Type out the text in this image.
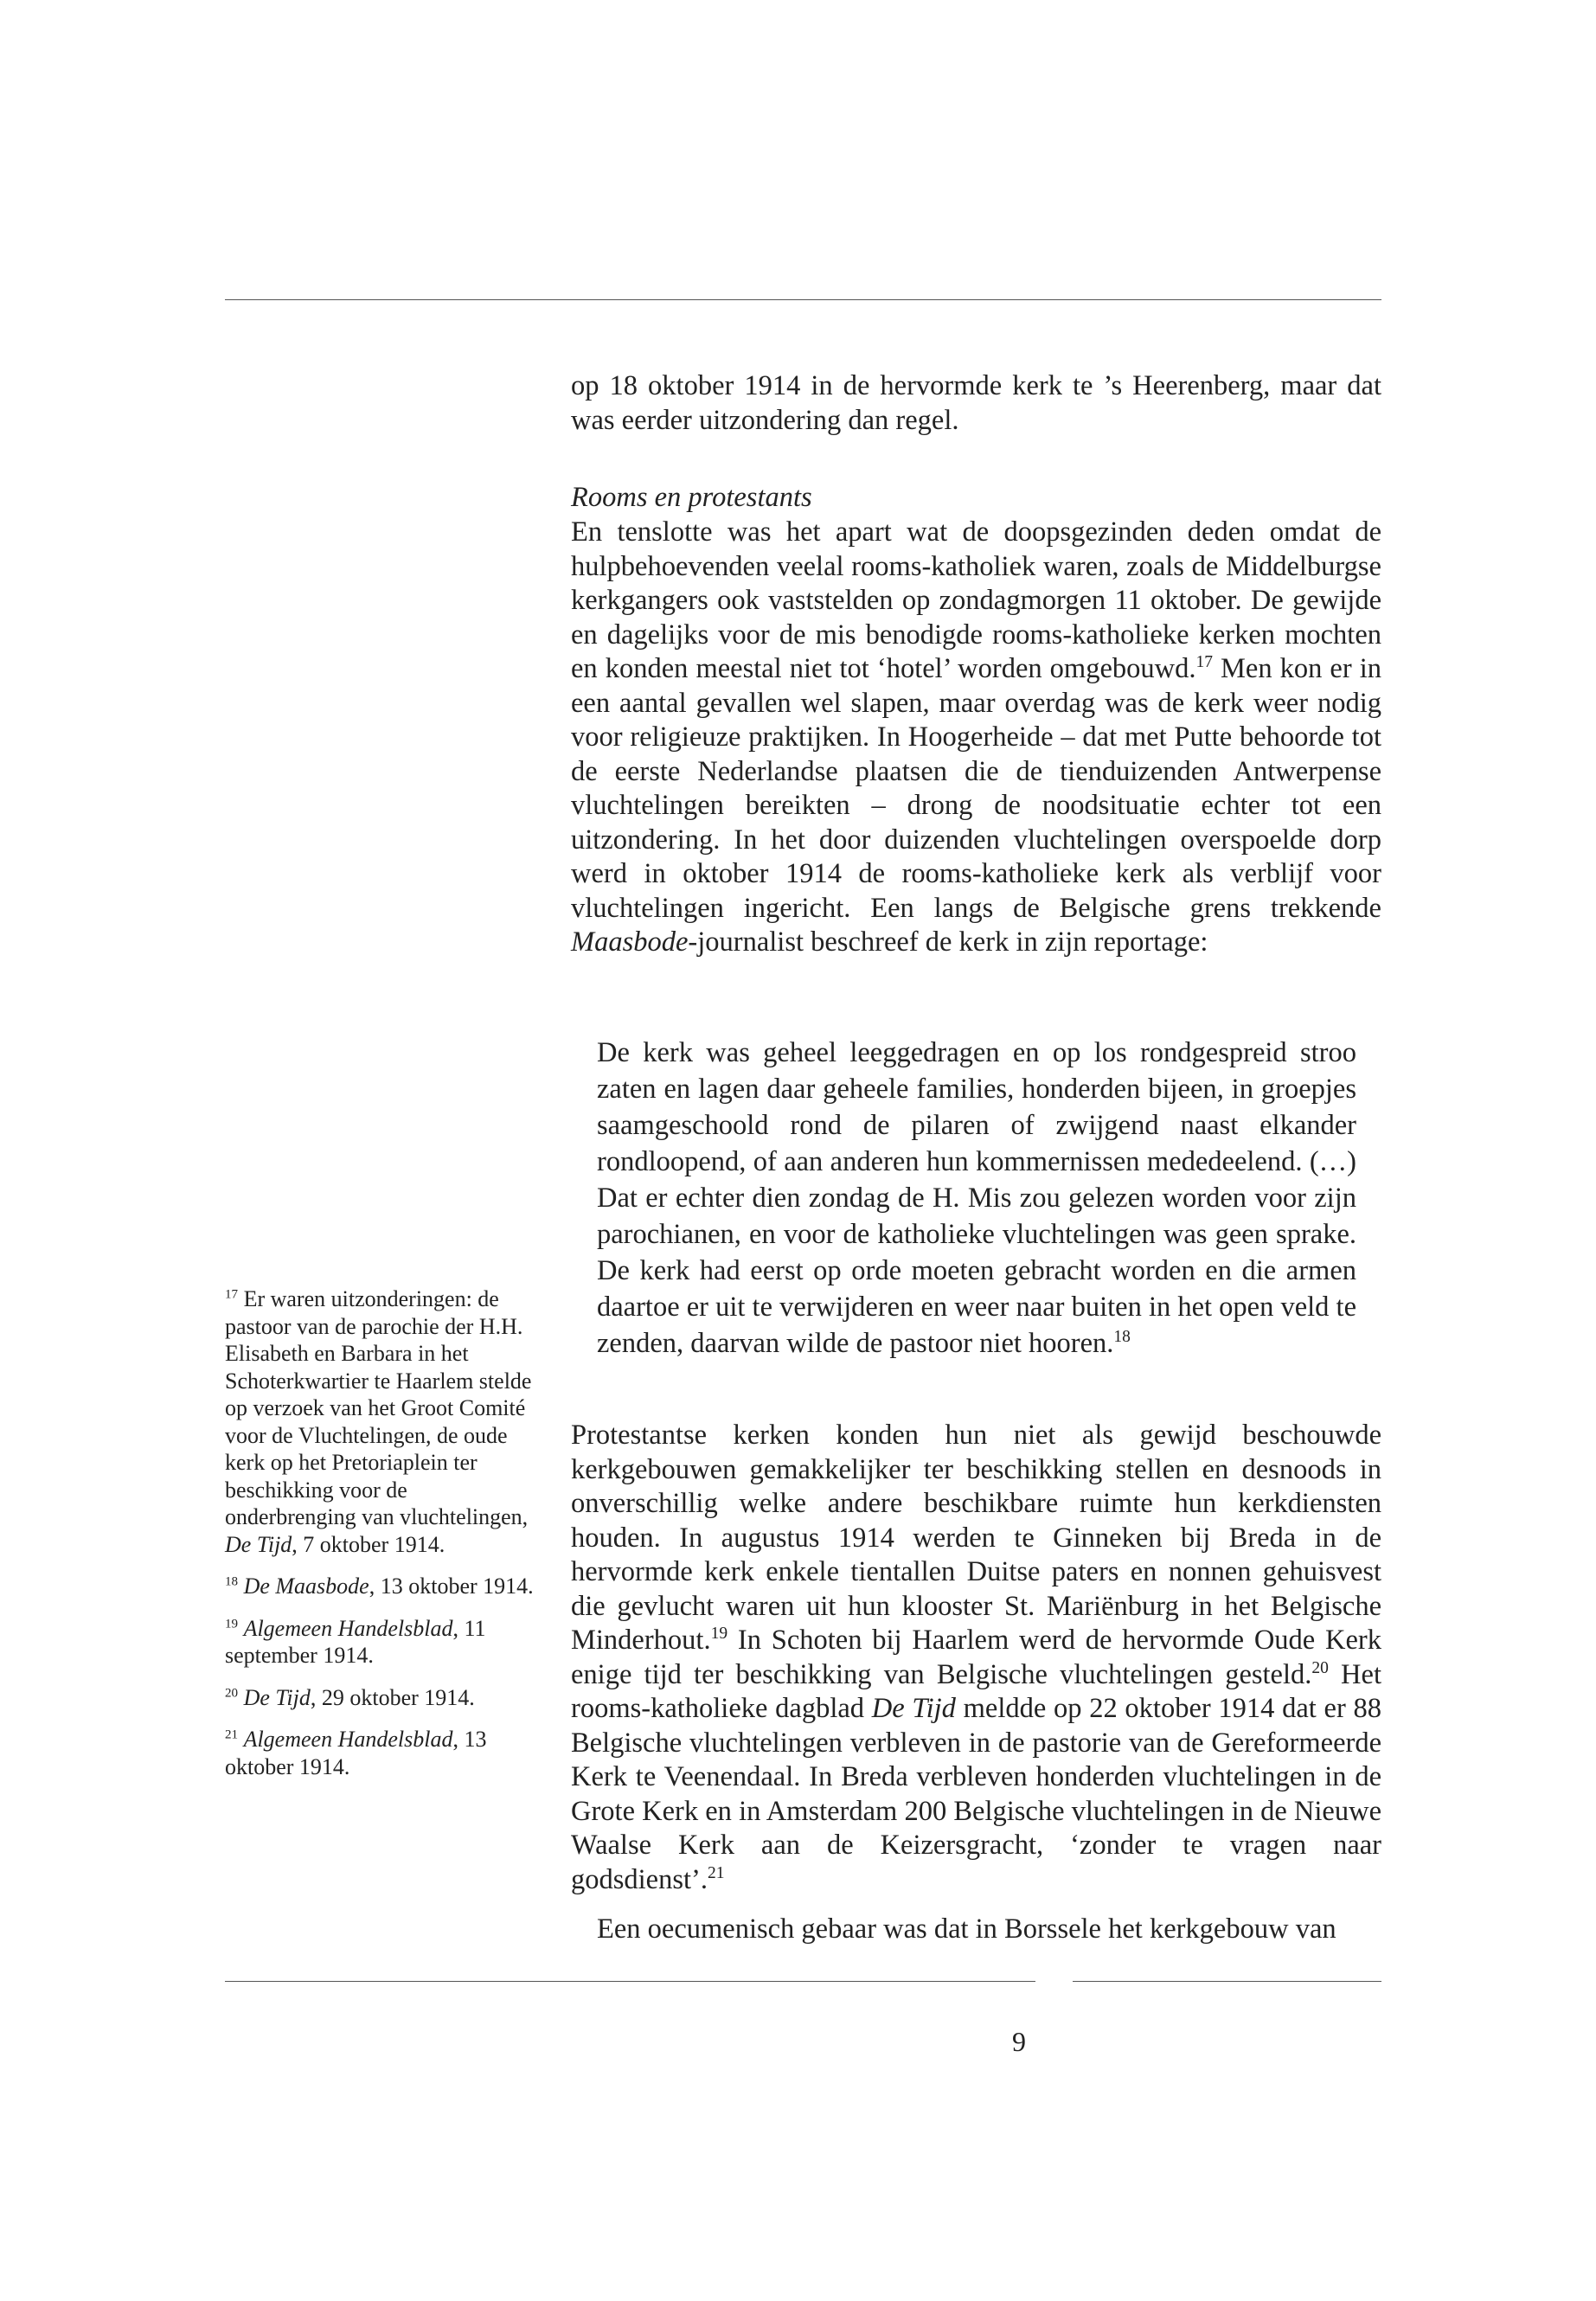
op 18 oktober 1914 in de hervormde kerk te ’s Heerenberg, maar dat was eerder uitzondering dan regel.

Rooms en protestants

En tenslotte was het apart wat de doopsgezinden deden omdat de hulpbehoevenden veelal rooms-katholiek waren, zoals de Middelburgse kerkgangers ook vaststelden op zondagmorgen 11 oktober. De gewijde en dagelijks voor de mis benodigde rooms-katholieke kerken mochten en konden meestal niet tot ‘hotel’ worden omgebouwd.$^{17}$ Men kon er in een aantal gevallen wel slapen, maar overdag was de kerk weer nodig voor religieuze praktijken. In Hoogerheide – dat met Putte behoorde tot de eerste Nederlandse plaatsen die de tienduizenden Antwerpense vluchtelingen bereikten – drong de noodsituatie echter tot een uitzondering. In het door duizenden vluchtelingen overspoelde dorp werd in oktober 1914 de rooms-katholieke kerk als verblijf voor vluchtelingen ingericht. Een langs de Belgische grens trekkende Maasbode-journalist beschreef de kerk in zijn reportage:

De kerk was geheel leeggedragen en op los rondgespreid stroo zaten en lagen daar geheele families, honderden bijeen, in groepjes saamgeschoold rond de pilaren of zwijgend naast elkander rondloopend, of aan anderen hun kommernissen mededeelend. (…) Dat er echter dien zondag de H. Mis zou gelezen worden voor zijn parochianen, en voor de katholieke vluchtelingen was geen sprake. De kerk had eerst op orde moeten gebracht worden en die armen daartoe er uit te verwijderen en weer naar buiten in het open veld te zenden, daarvan wilde de pastoor niet hooren.$^{18}$

Protestantse kerken konden hun niet als gewijd beschouwde kerkgebouwen gemakkelijker ter beschikking stellen en desnoods in onverschillig welke andere beschikbare ruimte hun kerkdiensten houden. In augustus 1914 werden te Ginneken bij Breda in de hervormde kerk enkele tientallen Duitse paters en nonnen gehuisvest die gevlucht waren uit hun klooster St. Mariënburg in het Belgische Minderhout.$^{19}$ In Schoten bij Haarlem werd de hervormde Oude Kerk enige tijd ter beschikking van Belgische vluchtelingen gesteld.$^{20}$ Het rooms-katholieke dagblad De Tijd meldde op 22 oktober 1914 dat er 88 Belgische vluchtelingen verbleven in de pastorie van de Gereformeerde Kerk te Veenendaal. In Breda verbleven honderden vluchtelingen in de Grote Kerk en in Amsterdam 200 Belgische vluchtelingen in de Nieuwe Waalse Kerk aan de Keizersgracht, ‘zonder te vragen naar godsdienst’.$^{21}$

Een oecumenisch gebaar was dat in Borssele het kerkgebouw van

$^{17}$ Er waren uitzonderingen: de pastoor van de parochie der H.H. Elisabeth en Barbara in het Schoterkwartier te Haarlem stelde op verzoek van het Groot Comité voor de Vluchtelingen, de oude kerk op het Pretoriaplein ter beschikking voor de onderbrenging van vluchtelingen, De Tijd, 7 oktober 1914.

$^{18}$ De Maasbode, 13 oktober 1914.

$^{19}$ Algemeen Handelsblad, 11 september 1914.

$^{20}$ De Tijd, 29 oktober 1914.

$^{21}$ Algemeen Handelsblad, 13 oktober 1914.

9
